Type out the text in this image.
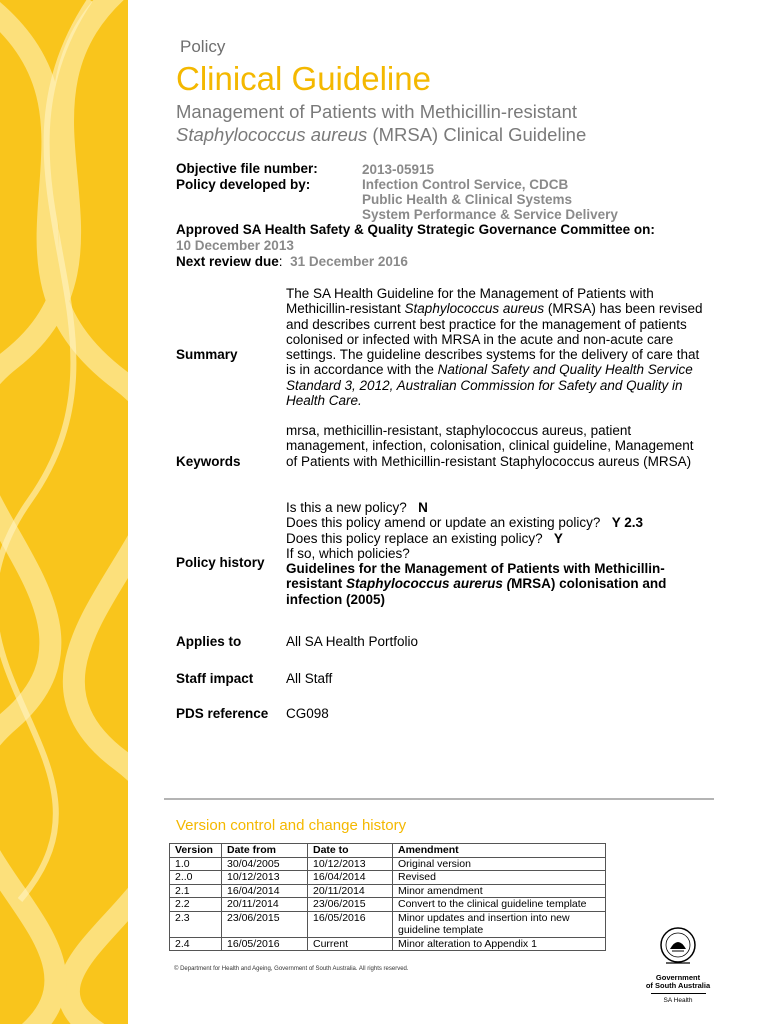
Policy
Clinical Guideline
Management of Patients with Methicillin-resistant
Staphylococcus aureus (MRSA) Clinical Guideline
Objective file number:	2013-05915
Policy developed by:	Infection Control Service, CDCB
Public Health & Clinical Systems
System Performance & Service Delivery
Approved SA Health Safety & Quality Strategic Governance Committee on:
10 December 2013
Next review due: 31 December 2016
Summary
The SA Health Guideline for the Management of Patients with Methicillin-resistant Staphylococcus aureus (MRSA) has been revised and describes current best practice for the management of patients colonised or infected with MRSA in the acute and non-acute care settings. The guideline describes systems for the delivery of care that is in accordance with the National Safety and Quality Health Service Standard 3, 2012, Australian Commission for Safety and Quality in Health Care.
Keywords
mrsa, methicillin-resistant, staphylococcus aureus, patient management, infection, colonisation, clinical guideline, Management of Patients with Methicillin-resistant Staphylococcus aureus (MRSA)
Policy history
Is this a new policy? N
Does this policy amend or update an existing policy? Y 2.3
Does this policy replace an existing policy? Y
If so, which policies?
Guidelines for the Management of Patients with Methicillin-resistant Staphylococcus aurerus (MRSA) colonisation and infection (2005)
Applies to	All SA Health Portfolio
Staff impact All Staff
PDS reference CG098
Version control and change history
Version	Date from	Date to	Amendment
1.0	30/04/2005	10/12/2013	Original version
2..0	10/12/2013	16/04/2014	Revised
2.1	16/04/2014	20/11/2014	Minor amendment
2.2	20/11/2014	23/06/2015	Convert to the clinical guideline template
2.3	23/06/2015	16/05/2016	Minor updates and insertion into new guideline template
2.4	16/05/2016	Current	Minor alteration to Appendix 1
© Department for Health and Ageing, Government of South Australia. All rights reserved.
Government
of South Australia
SA Health
